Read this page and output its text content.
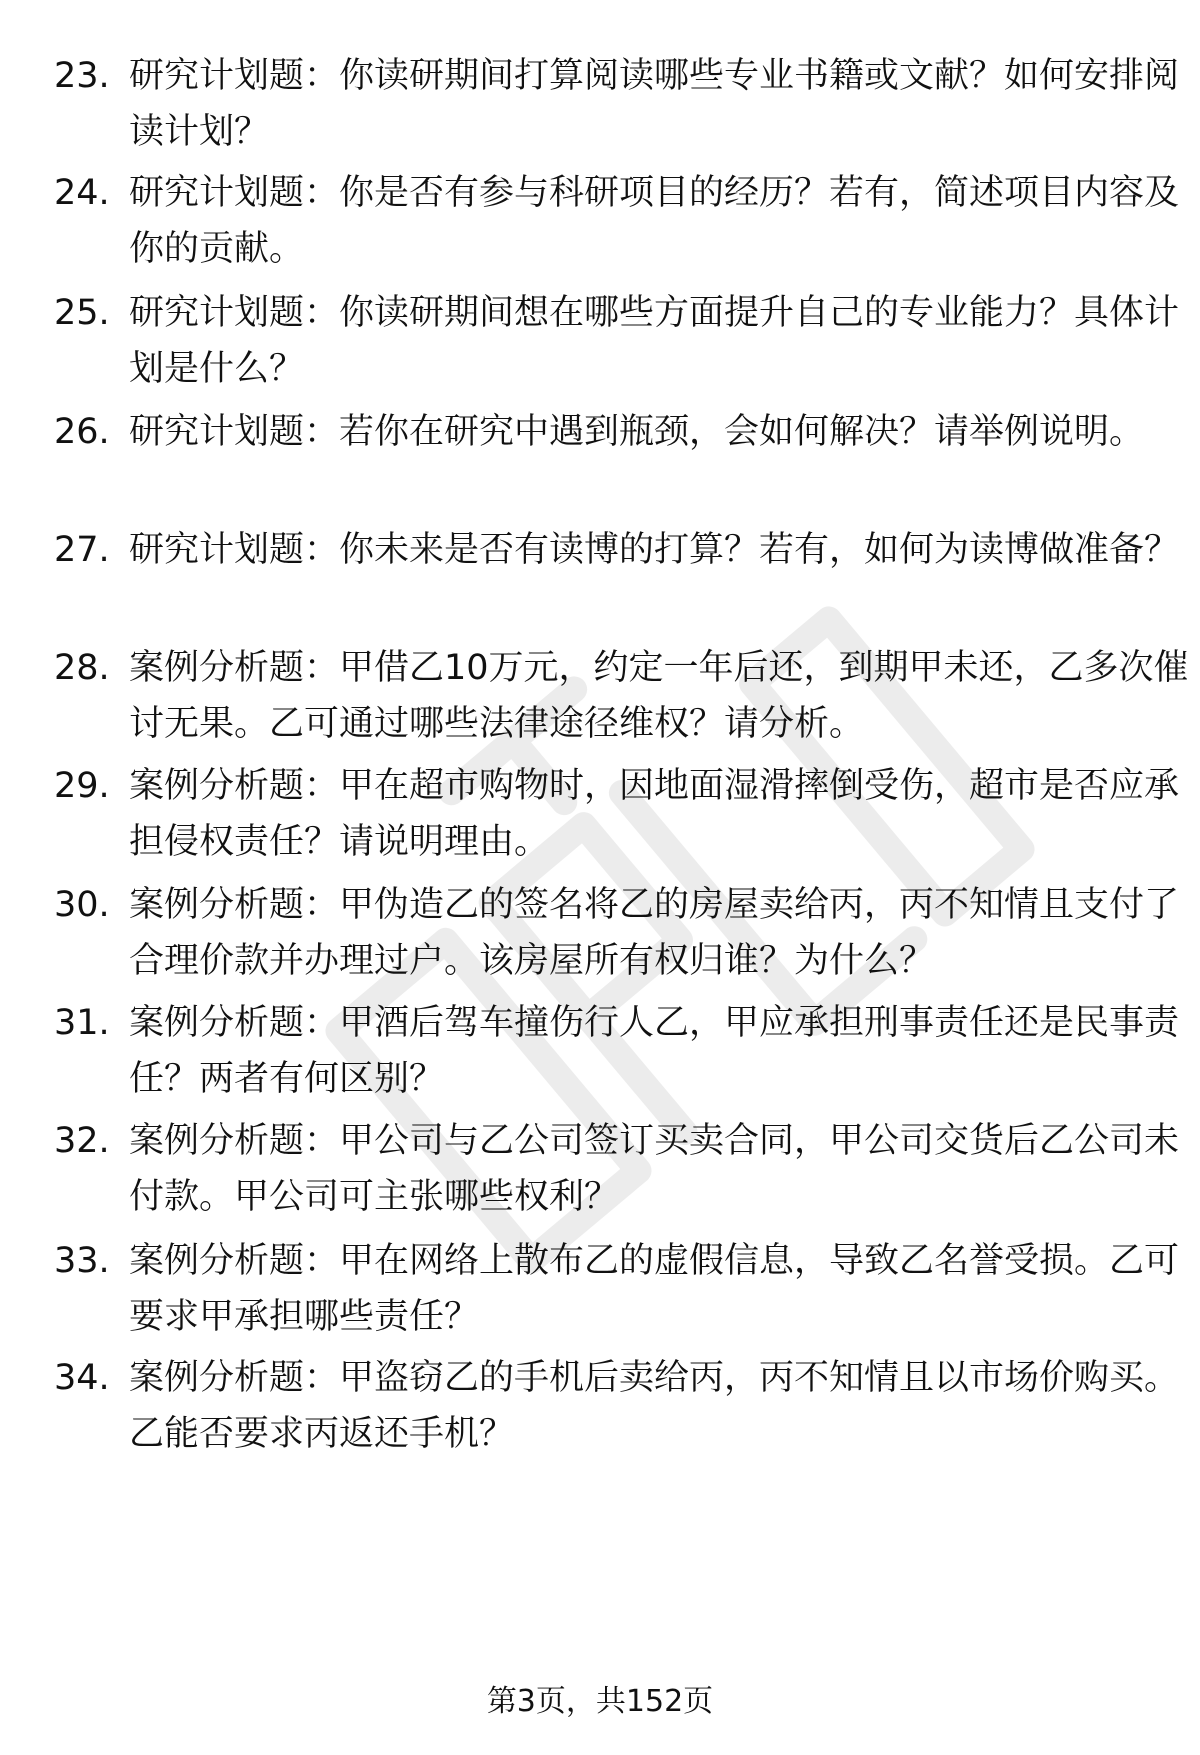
23. 研究计划题：你读研期间打算阅读哪些专业书籍或文献？如何安排阅读计划？
24. 研究计划题：你是否有参与科研项目的经历？若有，简述项目内容及你的贡献。
25. 研究计划题：你读研期间想在哪些方面提升自己的专业能力？具体计划是什么？
26. 研究计划题：若你在研究中遇到瓶颈，会如何解决？请举例说明。
27. 研究计划题：你未来是否有读博的打算？若有，如何为读博做准备？
28. 案例分析题：甲借乙10万元，约定一年后还，到期甲未还，乙多次催讨无果。乙可通过哪些法律途径维权？请分析。
29. 案例分析题：甲在超市购物时，因地面湿滑摔倒受伤，超市是否应承担侵权责任？请说明理由。
30. 案例分析题：甲伪造乙的签名将乙的房屋卖给丙，丙不知情且支付了合理价款并办理过户。该房屋所有权归谁？为什么？
31. 案例分析题：甲酒后驾车撞伤行人乙，甲应承担刑事责任还是民事责任？两者有何区别？
32. 案例分析题：甲公司与乙公司签订买卖合同，甲公司交货后乙公司未付款。甲公司可主张哪些权利？
33. 案例分析题：甲在网络上散布乙的虚假信息，导致乙名誉受损。乙可要求甲承担哪些责任？
34. 案例分析题：甲盗窃乙的手机后卖给丙，丙不知情且以市场价购买。乙能否要求丙返还手机？
第3页，共152页
